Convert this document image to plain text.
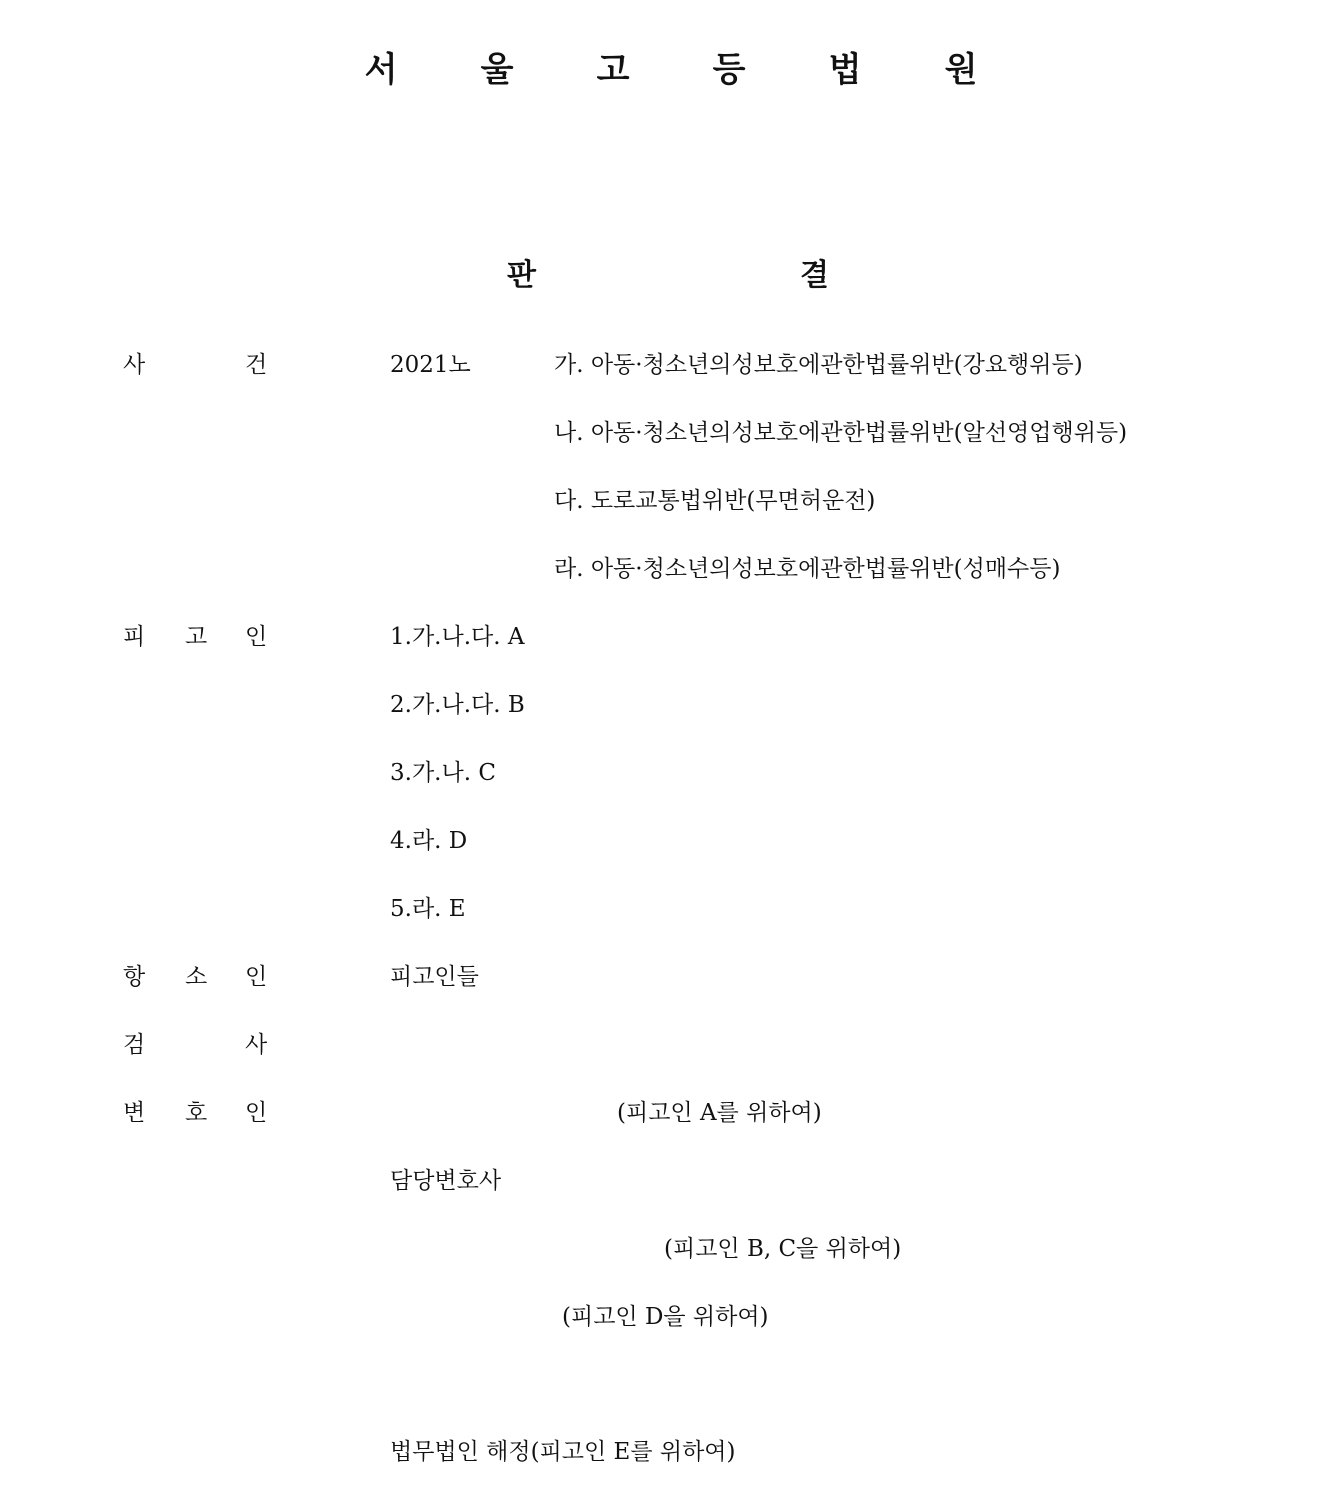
서 울 고 등 법 원
판	결
사	건	2021노	가. 아동·청소년의성보호에관한법률위반(강요행위등)
나. 아동·청소년의성보호에관한법률위반(알선영업행위등)
다. 도로교통법위반(무면허운전)
라. 아동·청소년의성보호에관한법률위반(성매수등)
피 고 인	1.가.나.다. A
2.가.나.다. B
3.가.나. C
4.라. D
5.라. E
항 소 인	피고인들
검	사
변 호 인	(피고인 A를 위하여)
담당변호사
(피고인 B, C을 위하여)
(피고인 D을 위하여)
법무법인 해정(피고인 E를 위하여)
